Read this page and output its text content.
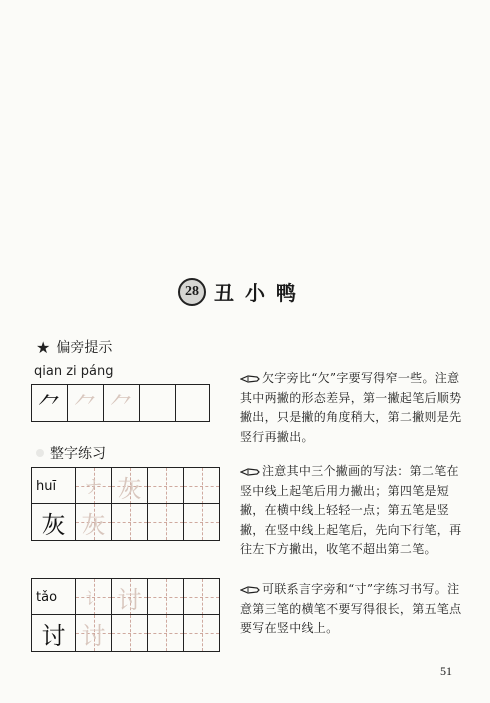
28 丑小鸭
★ 偏旁提示
qian zi páng
⺈ ⺈ ⺈
整字练习
huī ナ 灰
灰 灰
tǎo 讠 讨
讨 讨
欠字旁比“欠”字要写得窄一些。注意其中两撇的形态差异，第一撇起笔后顺势撇出，只是撇的角度稍大，第二撇则是先竖行再撇出。
注意其中三个撇画的写法：第二笔在竖中线上起笔后用力撇出；第四笔是短撇，在横中线上轻轻一点；第五笔是竖撇，在竖中线上起笔后，先向下行笔，再往左下方撇出，收笔不超出第二笔。
可联系言字旁和“寸”字练习书写。注意第三笔的横笔不要写得很长，第五笔点要写在竖中线上。
51
